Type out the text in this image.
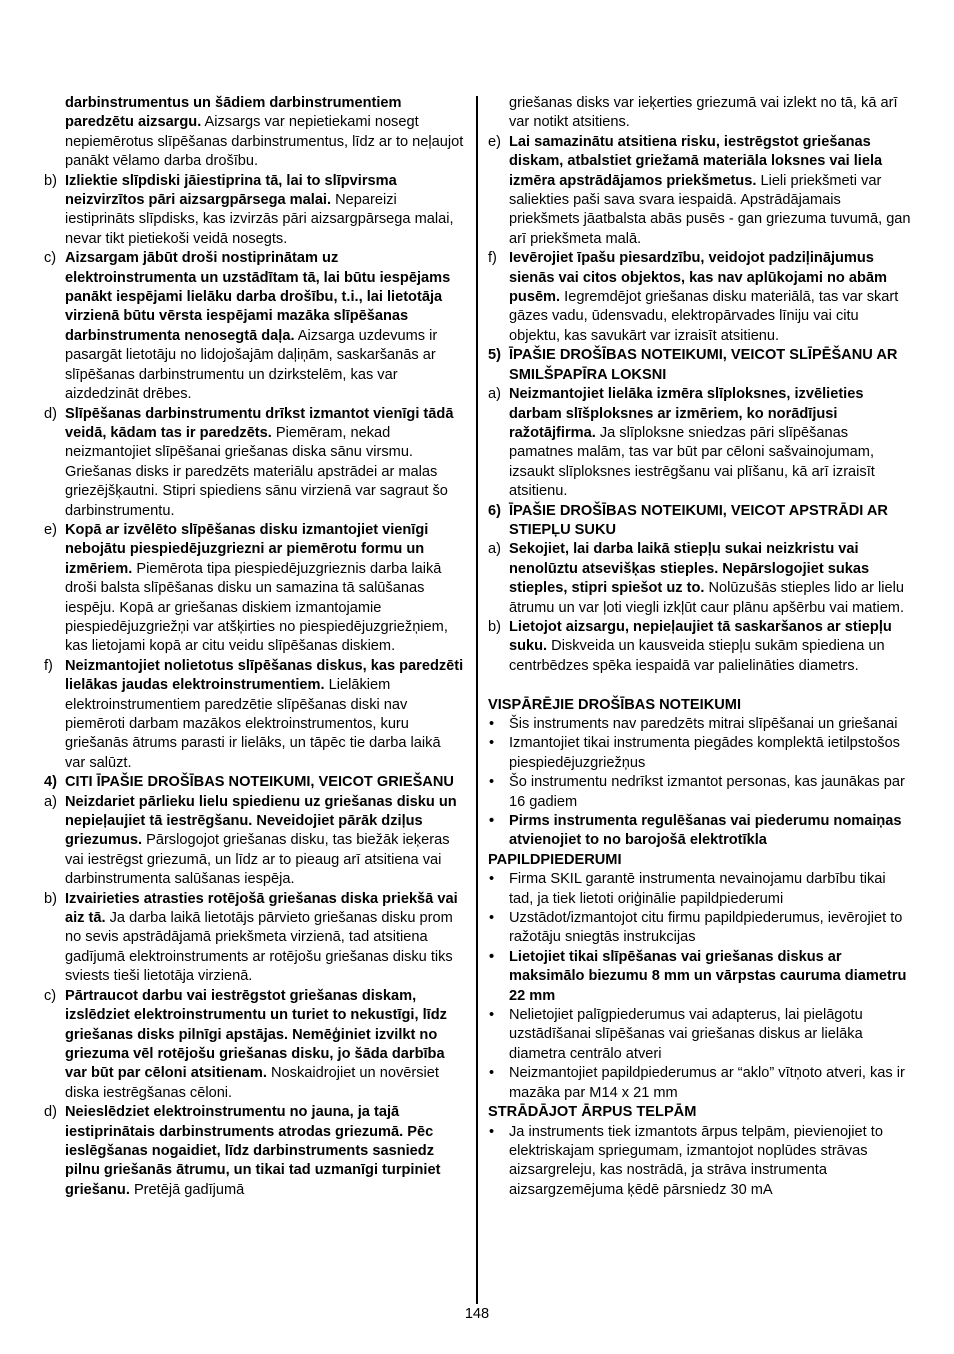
darbinstrumentus un šādiem darbinstrumentiem paredzētu aizsargu. Aizsargs var nepietiekami nosegt nepiemērotus slīpēšanas darbinstrumentus, līdz ar to neļaujot panākt vēlamo darba drošību.
b) Izliektie slīpdiski jāiestiprina tā, lai to slīpvirsma neizvirzītos pāri aizsargpārsega malai. Nepareizi iestiprināts slīpdisks, kas izvirzās pāri aizsargpārsega malai, nevar tikt pietiekoši veidā nosegts.
c) Aizsargam jābūt droši nostiprinātam uz elektroinstrumenta un uzstādītam tā, lai būtu iespējams panākt iespējami lielāku darba drošību, t.i., lai lietotāja virzienā būtu vērsta iespējami mazāka slīpēšanas darbinstrumenta nenosegtā daļa. Aizsarga uzdevums ir pasargāt lietotāju no lidojošajām daļiņām, saskaršanās ar slīpēšanas darbinstrumentu un dzirkstelēm, kas var aizdedzināt drēbes.
d) Slīpēšanas darbinstrumentu drīkst izmantot vienīgi tādā veidā, kādam tas ir paredzēts. Piemēram, nekad neizmantojiet slīpēšanai griešanas diska sānu virsmu. Griešanas disks ir paredzēts materiālu apstrādei ar malas griezējšķautni. Stipri spiediens sānu virzienā var sagraut šo darbinstrumentu.
e) Kopā ar izvēlēto slīpēšanas disku izmantojiet vienīgi nebojātu piespiedējuzgriezni ar piemērotu formu un izmēriem. Piemērota tipa piespiedējuzgrieznis darba laikā droši balsta slīpēšanas disku un samazina tā salūšanas iespēju. Kopā ar griešanas diskiem izmantojamie piespiedējuzgriežņi var atšķirties no piespiedējuzgriežņiem, kas lietojami kopā ar citu veidu slīpēšanas diskiem.
f) Neizmantojiet nolietotus slīpēšanas diskus, kas paredzēti lielākas jaudas elektroinstrumentiem. Lielākiem elektroinstrumentiem paredzētie slīpēšanas diski nav piemēroti darbam mazākos elektroinstrumentos, kuru griešanās ātrums parasti ir lielāks, un tāpēc tie darba laikā var salūzt.
4) CITI ĪPAŠIE DROŠĪBAS NOTEIKUMI, VEICOT GRIEŠANU
a) Neizdariet pārlieku lielu spiedienu uz griešanas disku un nepieļaujiet tā iestrēgšanu. Neveidojiet pārāk dziļus griezumus. Pārslogojot griešanas disku, tas biežāk ieķeras vai iestrēgst griezumā, un līdz ar to pieaug arī atsitiena vai darbinstrumenta salūšanas iespēja.
b) Izvairieties atrasties rotējošā griešanas diska priekšā vai aiz tā. Ja darba laikā lietotājs pārvieto griešanas disku prom no sevis apstrādājamā priekšmeta virzienā, tad atsitiena gadījumā elektroinstruments ar rotējošu griešanas disku tiks sviests tieši lietotāja virzienā.
c) Pārtraucot darbu vai iestrēgstot griešanas diskam, izslēdziet elektroinstrumentu un turiet to nekustīgi, līdz griešanas disks pilnīgi apstājas. Nemēģiniet izvilkt no griezuma vēl rotējošu griešanas disku, jo šāda darbība var būt par cēloni atsitienam. Noskaidrojiet un novērsiet diska iestrēgšanas cēloni.
d) Neieslēdziet elektroinstrumentu no jauna, ja tajā iestiprinātais darbinstruments atrodas griezumā. Pēc ieslēgšanas nogaidiet, līdz darbinstruments sasniedz pilnu griešanās ātrumu, un tikai tad uzmanīgi turpiniet griešanu. Pretējā gadījumā
griešanas disks var ieķerties griezumā vai izlekt no tā, kā arī var notikt atsitiens.
e) Lai samazinātu atsitiena risku, iestrēgstot griešanas diskam, atbalstiet griežamā materiāla loksnes vai liela izmēra apstrādājamos priekšmetus. Lieli priekšmeti var saliekties paši sava svara iespaidā. Apstrādājamais priekšmets jāatbalsta abās pusēs - gan griezuma tuvumā, gan arī priekšmeta malā.
f) Ievērojiet īpašu piesardzību, veidojot padziļinājumus sienās vai citos objektos, kas nav aplūkojami no abām pusēm. Iegremdējot griešanas disku materiālā, tas var skart gāzes vadu, ūdensvadu, elektropārvades līniju vai citu objektu, kas savukārt var izraisīt atsitienu.
5) ĪPAŠIE DROŠĪBAS NOTEIKUMI, VEICOT SLĪPĒŠANU AR SMILŠPAPĪRA LOKSNI
a) Neizmantojiet lielāka izmēra slīploksnes, izvēlieties darbam slīšploksnes ar izmēriem, ko norādījusi ražotājfirma. Ja slīploksne sniedzas pāri slīpēšanas pamatnes malām, tas var būt par cēloni sašvainojumam, izsaukt slīploksnes iestrēgšanu vai plīšanu, kā arī izraisīt atsitienu.
6) ĪPAŠIE DROŠĪBAS NOTEIKUMI, VEICOT APSTRĀDI AR STIEPĻU SUKU
a) Sekojiet, lai darba laikā stiepļu sukai neizkristu vai nenolūztu atsevišķas stieples. Nepārslogojiet sukas stieples, stipri spiešot uz to. Nolūzušās stieples lido ar lielu ātrumu un var ļoti viegli izkļūt caur plānu apšērbu vai matiem.
b) Lietojot aizsargu, nepieļaujiet tā saskaršanos ar stiepļu suku. Diskveida un kausveida stiepļu sukām spiediena un centrbēdzes spēka iespaidā var palielināties diametrs.
VISPĀRĒJIE DROŠĪBAS NOTEIKUMI
•	Šis instruments nav paredzēts mitrai slīpēšanai un griešanai
•	Izmantojiet tikai instrumenta piegādes komplektā ietilpstošos piespiedējuzgriežņus
•	Šo instrumentu nedrīkst izmantot personas, kas jaunākas par 16 gadiem
•	Pirms instrumenta regulēšanas vai piederumu nomaiņas atvienojiet to no barojošā elektrotīkla
PAPILDPIEDERUMI
•	Firma SKIL garantē instrumenta nevainojamu darbību tikai tad, ja tiek lietoti oriģinālie papildpiederumi
•	Uzstādot/izmantojot citu firmu papildpiederumus, ievērojiet to ražotāju sniegtās instrukcijas
•	Lietojiet tikai slīpēšanas vai griešanas diskus ar maksimālo biezumu 8 mm un vārpstas cauruma diametru 22 mm
•	Nelietojiet palīgpiederumus vai adapterus, lai pielāgotu uzstādīšanai slīpēšanas vai griešanas diskus ar lielāka diametra centrālo atveri
•	Neizmantojiet papildpiederumus ar “aklo” vītņoto atveri, kas ir mazāka par M14 x 21 mm
STRĀDĀJOT ĀRPUS TELPĀM
•	Ja instruments tiek izmantots ārpus telpām, pievienojiet to elektriskajam spriegumam, izmantojot noplūdes strāvas aizsargreleju, kas nostrādā, ja strāva instrumenta aizsargzemējuma ķēdē pārsniedz 30 mA
148
